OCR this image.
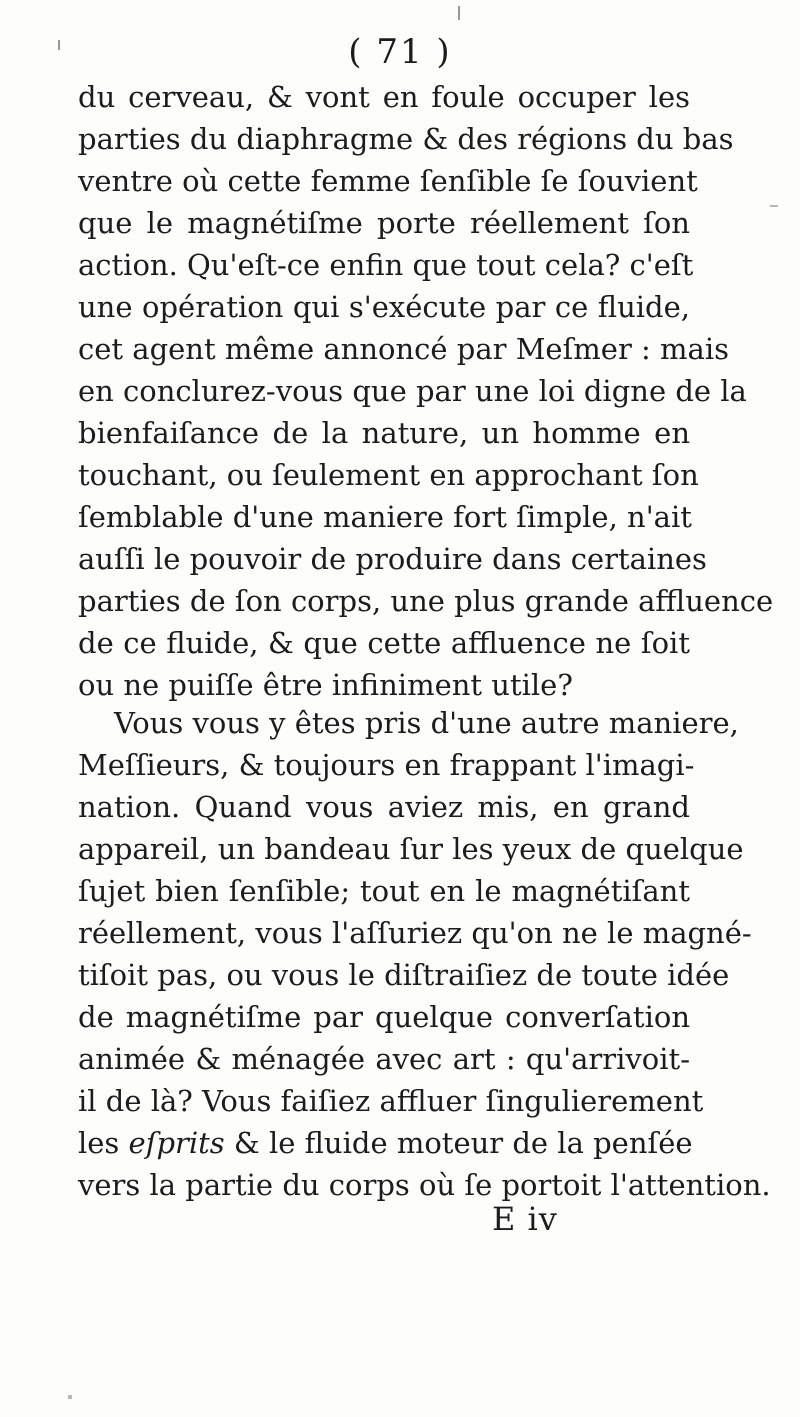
( 71 )
du cerveau, & vont en foule occuper les
parties du diaphragme & des régions du bas
ventre où cette femme ſenſible ſe ſouvient
que le magnétiſme porte réellement ſon
action. Qu'eſt-ce enfin que tout cela? c'eſt
une opération qui s'exécute par ce fluide,
cet agent même annoncé par Meſmer : mais
en conclurez-vous que par une loi digne de la
bienfaiſance de la nature, un homme en
touchant, ou ſeulement en approchant ſon
ſemblable d'une maniere fort ſimple, n'ait
auſſi le pouvoir de produire dans certaines
parties de ſon corps, une plus grande affluence
de ce fluide, & que cette affluence ne ſoit
ou ne puiſſe être infiniment utile?
Vous vous y êtes pris d'une autre maniere,
Meſſieurs, & toujours en frappant l'imagi-
nation. Quand vous aviez mis, en grand
appareil, un bandeau ſur les yeux de quelque
ſujet bien ſenſible; tout en le magnétiſant
réellement, vous l'aſſuriez qu'on ne le magné-
tiſoit pas, ou vous le diſtraiſiez de toute idée
de magnétiſme par quelque converſation
animée & ménagée avec art : qu'arrivoit-
il de là? Vous faiſiez affluer ſingulierement
les eſprits & le fluide moteur de la penſée
vers la partie du corps où ſe portoit l'attention.
E iv
